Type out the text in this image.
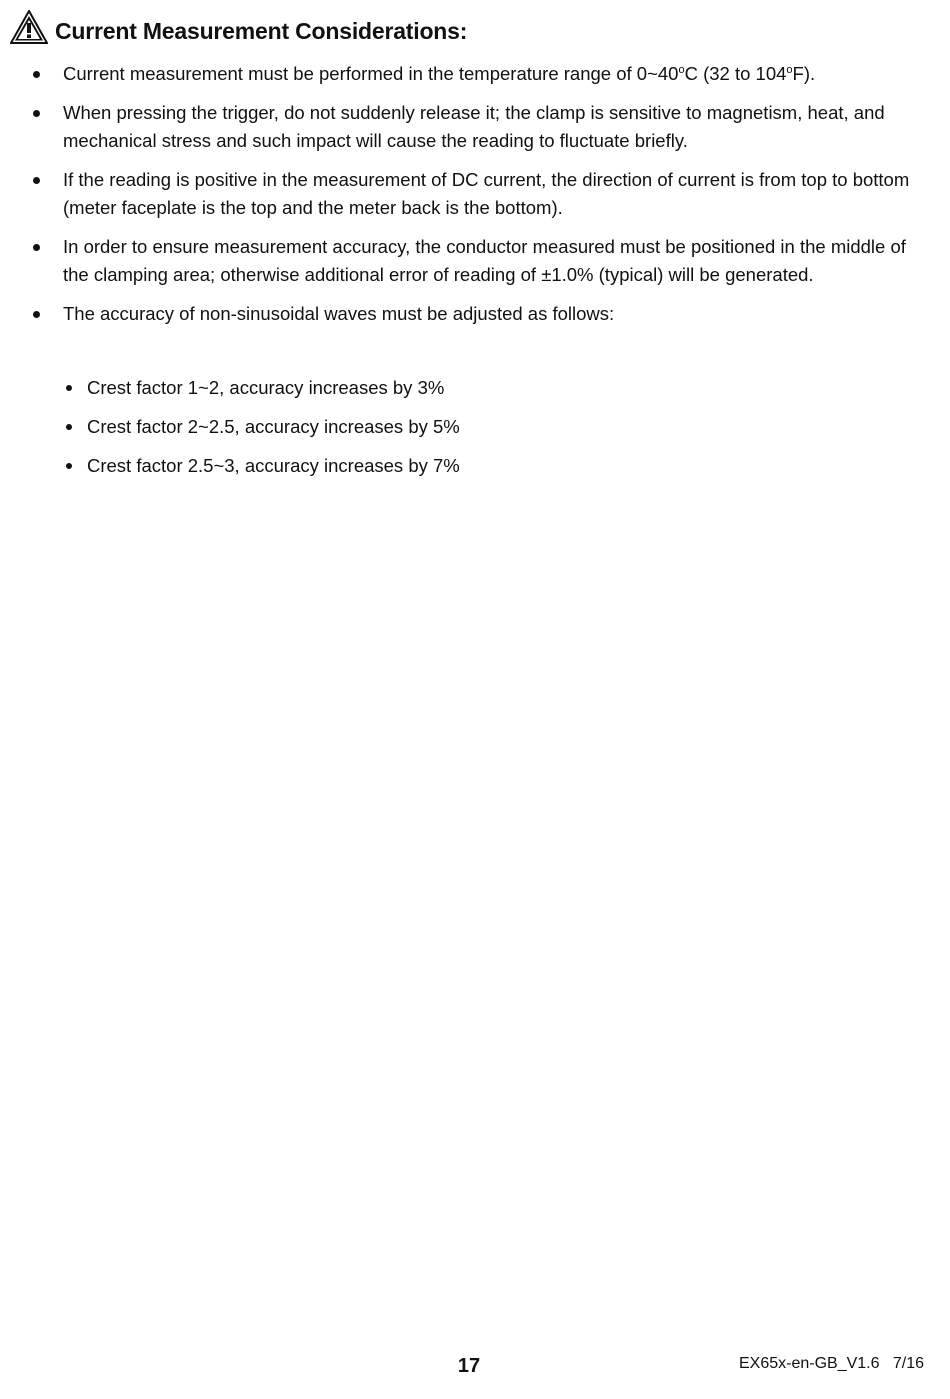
Current Measurement Considerations:
Current measurement must be performed in the temperature range of 0~40$^o$C (32 to 104$^o$F).
When pressing the trigger, do not suddenly release it; the clamp is sensitive to magnetism, heat, and mechanical stress and such impact will cause the reading to fluctuate briefly.
If the reading is positive in the measurement of DC current, the direction of current is from top to bottom (meter faceplate is the top and the meter back is the bottom).
In order to ensure measurement accuracy, the conductor measured must be positioned in the middle of the clamping area; otherwise additional error of reading of ±1.0% (typical) will be generated.
The accuracy of non-sinusoidal waves must be adjusted as follows:
Crest factor 1~2, accuracy increases by 3%
Crest factor 2~2.5, accuracy increases by 5%
Crest factor 2.5~3, accuracy increases by 7%
17	EX65x-en-GB_V1.6   7/16
